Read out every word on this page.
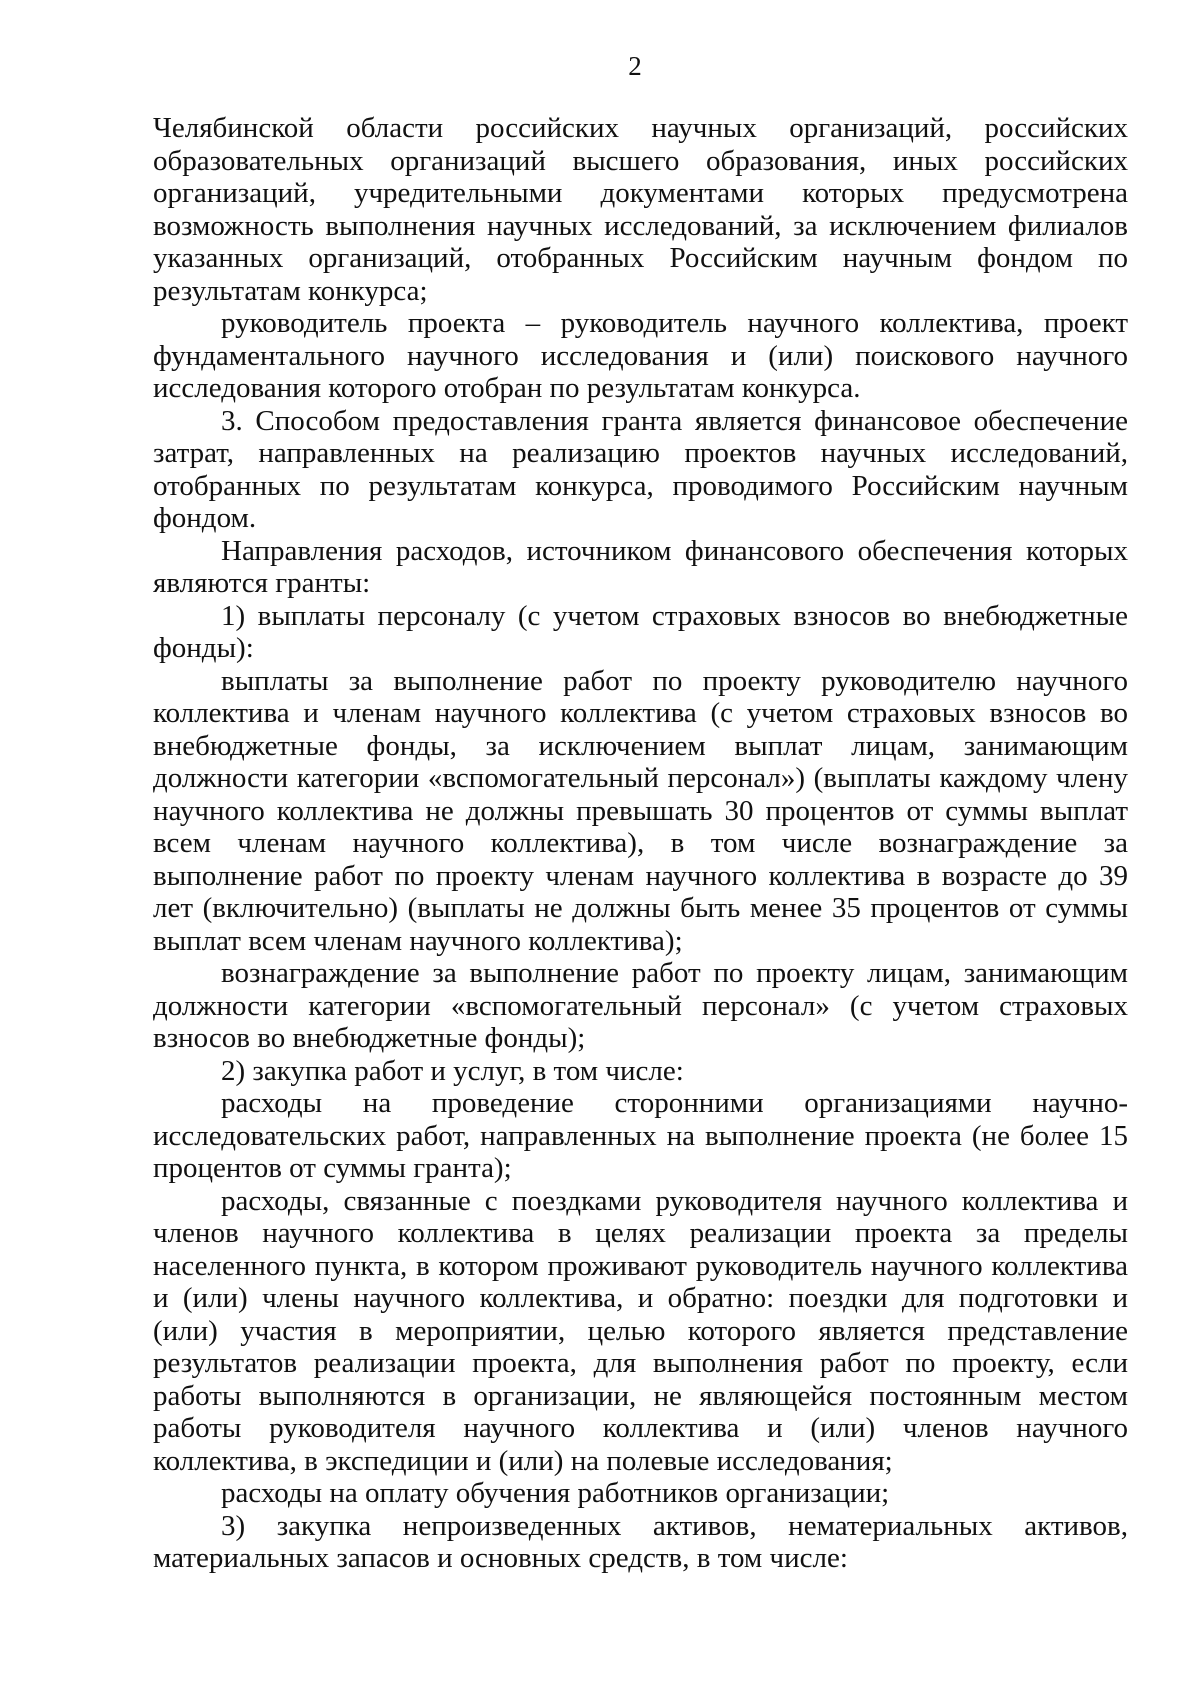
2

Челябинской области российских научных организаций, российских образовательных организаций высшего образования, иных российских организаций, учредительными документами которых предусмотрена возможность выполнения научных исследований, за исключением филиалов указанных организаций, отобранных Российским научным фондом по результатам конкурса;

руководитель проекта – руководитель научного коллектива, проект фундаментального научного исследования и (или) поискового научного исследования которого отобран по результатам конкурса.

3. Способом предоставления гранта является финансовое обеспечение затрат, направленных на реализацию проектов научных исследований, отобранных по результатам конкурса, проводимого Российским научным фондом.

Направления расходов, источником финансового обеспечения которых являются гранты:

1) выплаты персоналу (с учетом страховых взносов во внебюджетные фонды):

выплаты за выполнение работ по проекту руководителю научного коллектива и членам научного коллектива (с учетом страховых взносов во внебюджетные фонды, за исключением выплат лицам, занимающим должности категории «вспомогательный персонал») (выплаты каждому члену научного коллектива не должны превышать 30 процентов от суммы выплат всем членам научного коллектива), в том числе вознаграждение за выполнение работ по проекту членам научного коллектива в возрасте до 39 лет (включительно) (выплаты не должны быть менее 35 процентов от суммы выплат всем членам научного коллектива);

вознаграждение за выполнение работ по проекту лицам, занимающим должности категории «вспомогательный персонал» (с учетом страховых взносов во внебюджетные фонды);

2) закупка работ и услуг, в том числе:

расходы на проведение сторонними организациями научно-исследовательских работ, направленных на выполнение проекта (не более 15 процентов от суммы гранта);

расходы, связанные с поездками руководителя научного коллектива и членов научного коллектива в целях реализации проекта за пределы населенного пункта, в котором проживают руководитель научного коллектива и (или) члены научного коллектива, и обратно: поездки для подготовки и (или) участия в мероприятии, целью которого является представление результатов реализации проекта, для выполнения работ по проекту, если работы выполняются в организации, не являющейся постоянным местом работы руководителя научного коллектива и (или) членов научного коллектива, в экспедиции и (или) на полевые исследования;

расходы на оплату обучения работников организации;

3) закупка непроизведенных активов, нематериальных активов, материальных запасов и основных средств, в том числе:
